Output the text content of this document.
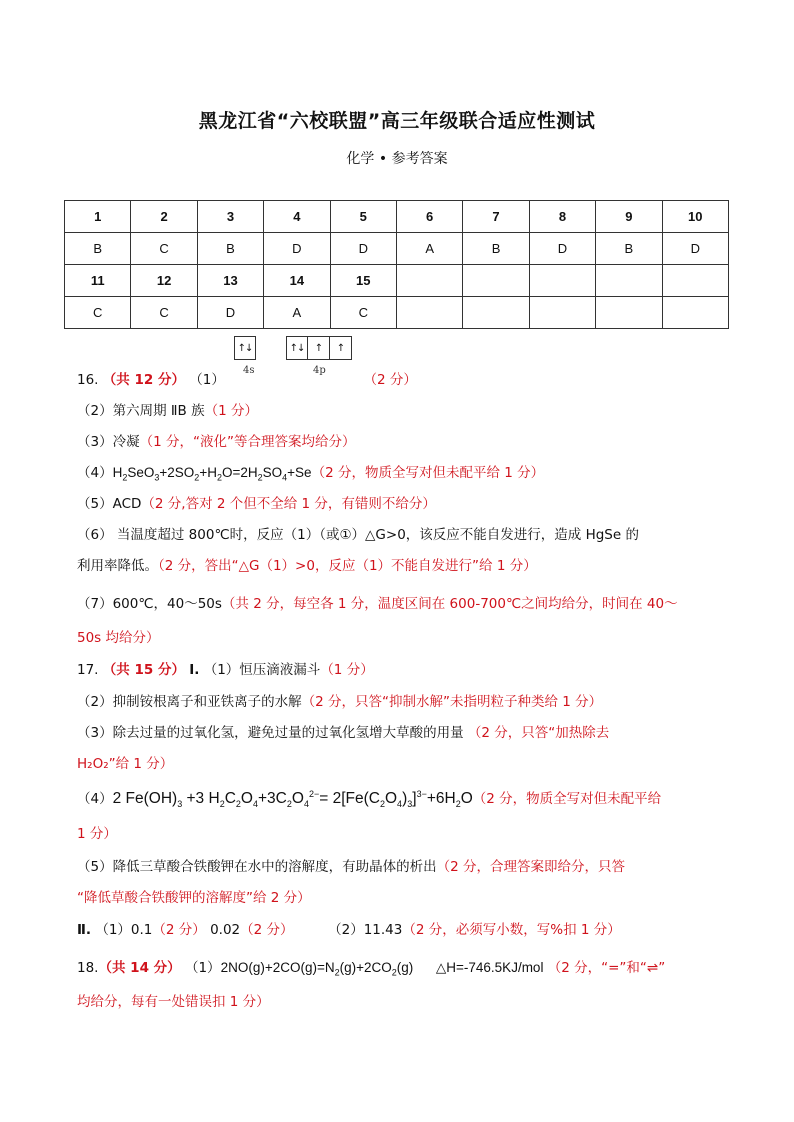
黑龙江省“六校联盟”高三年级联合适应性测试
化学 • 参考答案
1	2	3	4	5	6	7	8	9	10
B	C	B	D	D	A	B	D	B	D
11	12	13	14	15					
C	C	D	A	C					
↑↓	↑↓	↑	↑
4s	4p
16. （共 12 分） （1）	（2 分）
（2）第六周期 ⅡB 族（1 分）
（3）冷凝（1 分，“液化”等合理答案均给分）
$(4)H_2SeO_3+2SO_2+H_2O=2H_2SO_4+Se(2$ 分，物质全写对但未配平给 1 分）
（5）ACD（2 分,答对 2 个但不全给 1 分，有错则不给分）
（6） 当温度超过 800℃时，反应（1）（或①）△G>0，该反应不能自发进行，造成 HgSe 的
利用率降低。（2 分，答出“△G（1）>0，反应（1）不能自发进行”给 1 分）
（7）600℃，40～50s（共 2 分，每空各 1 分，温度区间在 600-700℃之间均给分，时间在 40～
50s 均给分）
17. （共 15 分） Ⅰ. （1）恒压滴液漏斗（1 分）
（2）抑制铵根离子和亚铁离子的水解（2 分，只答“抑制水解”未指明粒子种类给 1 分）
（3）除去过量的过氧化氢，避免过量的过氧化氢增大草酸的用量 （2 分，只答“加热除去
H₂O₂”给 1 分）
（4）2 $Fe(OH)_3 +3$ $H_2C_2O_4+3C_2O_4^{2-}= 2[Fe(C_2O_4)_3]^{3-}+6H_2O(2$ 分，物质全写对但未配平给
1 分）
（5）降低三草酸合铁酸钾在水中的溶解度，有助晶体的析出（2 分，合理答案即给分，只答
“降低草酸合铁酸钾的溶解度”给 2 分）
Ⅱ. （1）0.1（2 分） 0.02（2 分）	（2）11.43（2 分，必须写小数，写%扣 1 分）
18.（共 14 分） $(1)2NO(g)+2CO(g)=N_2(g)+2CO_2(g)$ △H=-746.5KJ/mol （2 分，“=”和“⇌”
均给分，每有一处错误扣 1 分）
